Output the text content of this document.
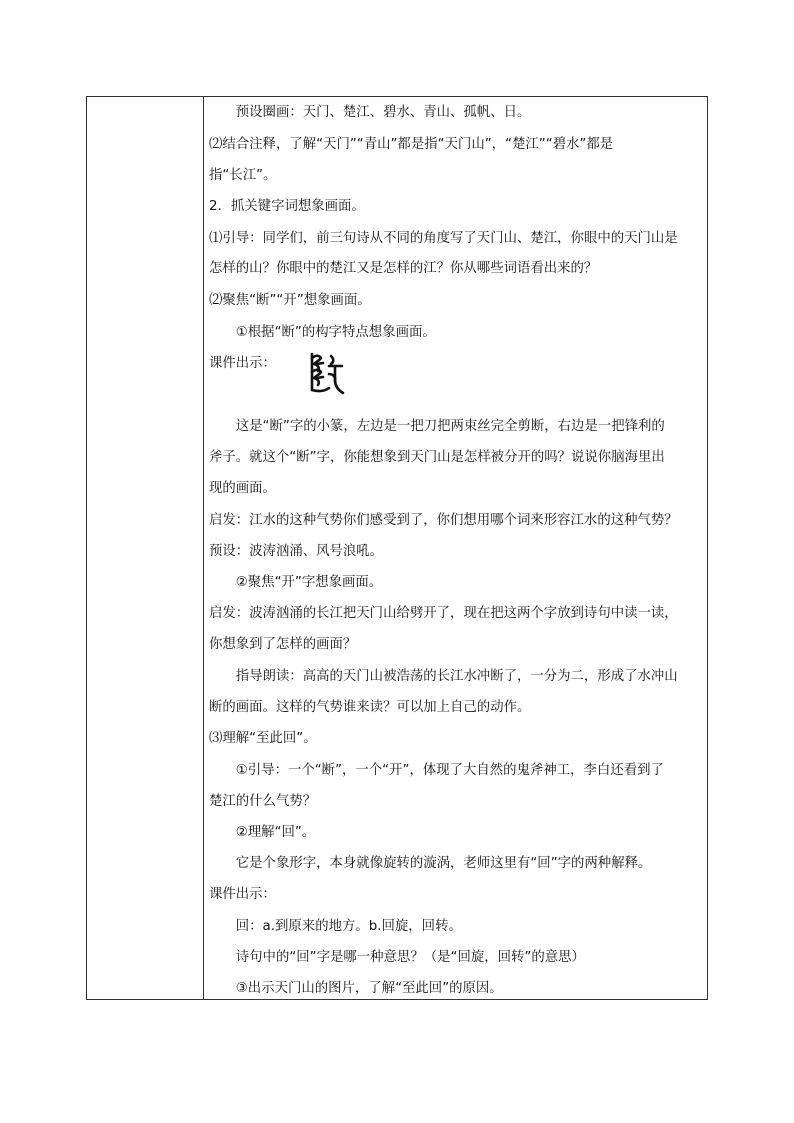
　　预设圈画：天门、楚江、碧水、青山、孤帆、日。
⑵结合注释，了解“天门”“青山”都是指“天门山”，“楚江”“碧水”都是
指“长江”。
2．抓关键字词想象画面。
⑴引导：同学们，前三句诗从不同的角度写了天门山、楚江，你眼中的天门山是
怎样的山？你眼中的楚江又是怎样的江？你从哪些词语看出来的？
⑵聚焦“断”“开”想象画面。
　　①根据“断”的构字特点想象画面。
课件出示：
　　这是“断”字的小篆，左边是一把刀把两束丝完全剪断，右边是一把锋利的
斧子。就这个“断”字，你能想象到天门山是怎样被分开的吗？说说你脑海里出
现的画面。
启发：江水的这种气势你们感受到了，你们想用哪个词来形容江水的这种气势？
预设：波涛汹涌、风号浪吼。
　　②聚焦“开”字想象画面。
启发：波涛汹涌的长江把天门山给劈开了，现在把这两个字放到诗句中读一读，
你想象到了怎样的画面？
　　指导朗读：高高的天门山被浩荡的长江水冲断了，一分为二，形成了水冲山
断的画面。这样的气势谁来读？可以加上自己的动作。
⑶理解“至此回”。
　　①引导：一个“断”，一个“开”，体现了大自然的鬼斧神工，李白还看到了
楚江的什么气势？
　　②理解“回”。
　　它是个象形字，本身就像旋转的漩涡，老师这里有“回”字的两种解释。
课件出示：
　　回：a.到原来的地方。b.回旋，回转。
　　诗句中的“回”字是哪一种意思？（是“回旋，回转”的意思）
　　③出示天门山的图片，了解“至此回”的原因。
